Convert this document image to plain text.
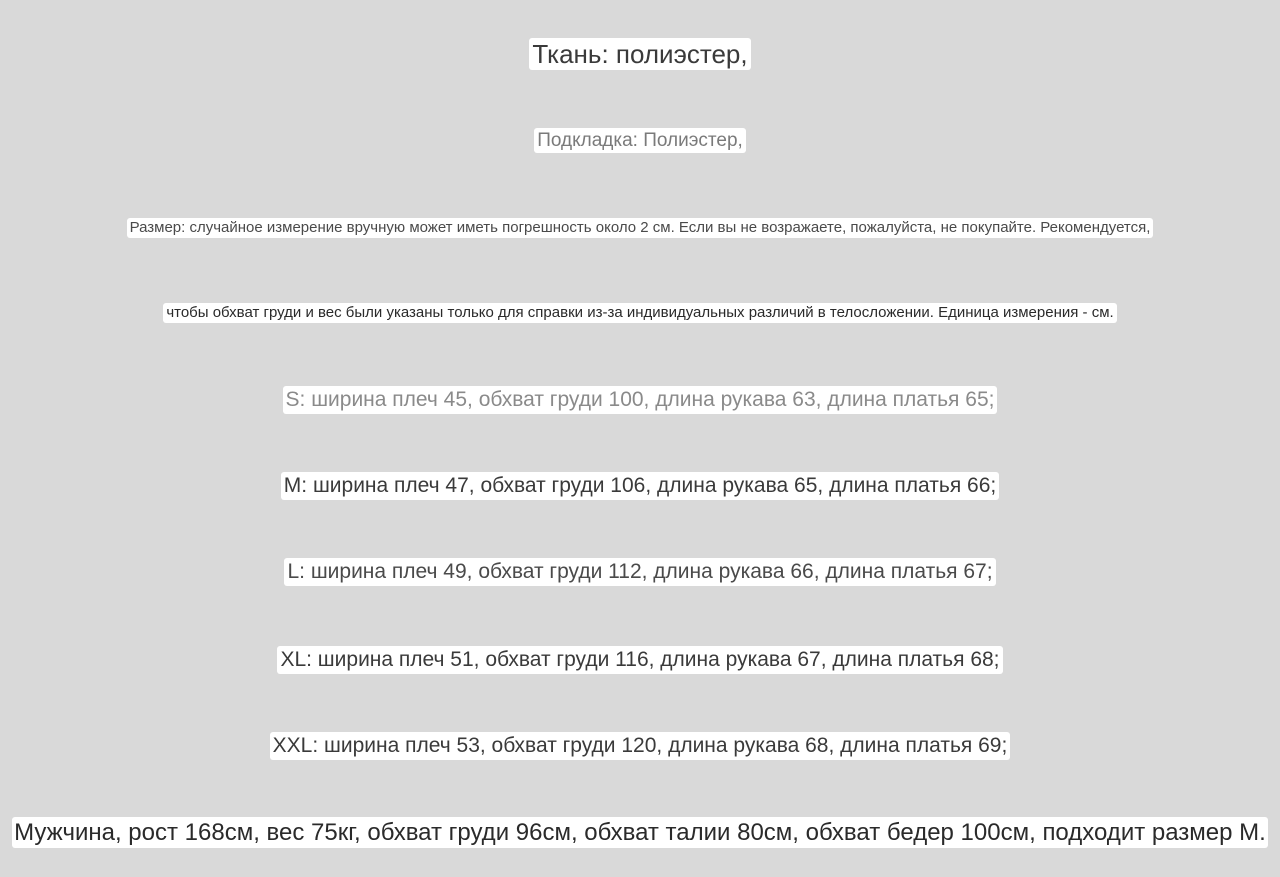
Ткань: полиэстер,
Подкладка: Полиэстер,
Размер: случайное измерение вручную может иметь погрешность около 2 см. Если вы не возражаете, пожалуйста, не покупайте. Рекомендуется,
чтобы обхват груди и вес были указаны только для справки из-за индивидуальных различий в телосложении. Единица измерения - см.
S: ширина плеч 45, обхват груди 100, длина рукава 63, длина платья 65;
M: ширина плеч 47, обхват груди 106, длина рукава 65, длина платья 66;
L: ширина плеч 49, обхват груди 112, длина рукава 66, длина платья 67;
XL: ширина плеч 51, обхват груди 116, длина рукава 67, длина платья 68;
XXL: ширина плеч 53, обхват груди 120, длина рукава 68, длина платья 69;
Мужчина, рост 168см, вес 75кг, обхват груди 96см, обхват талии 80см, обхват бедер 100см, подходит размер M.
